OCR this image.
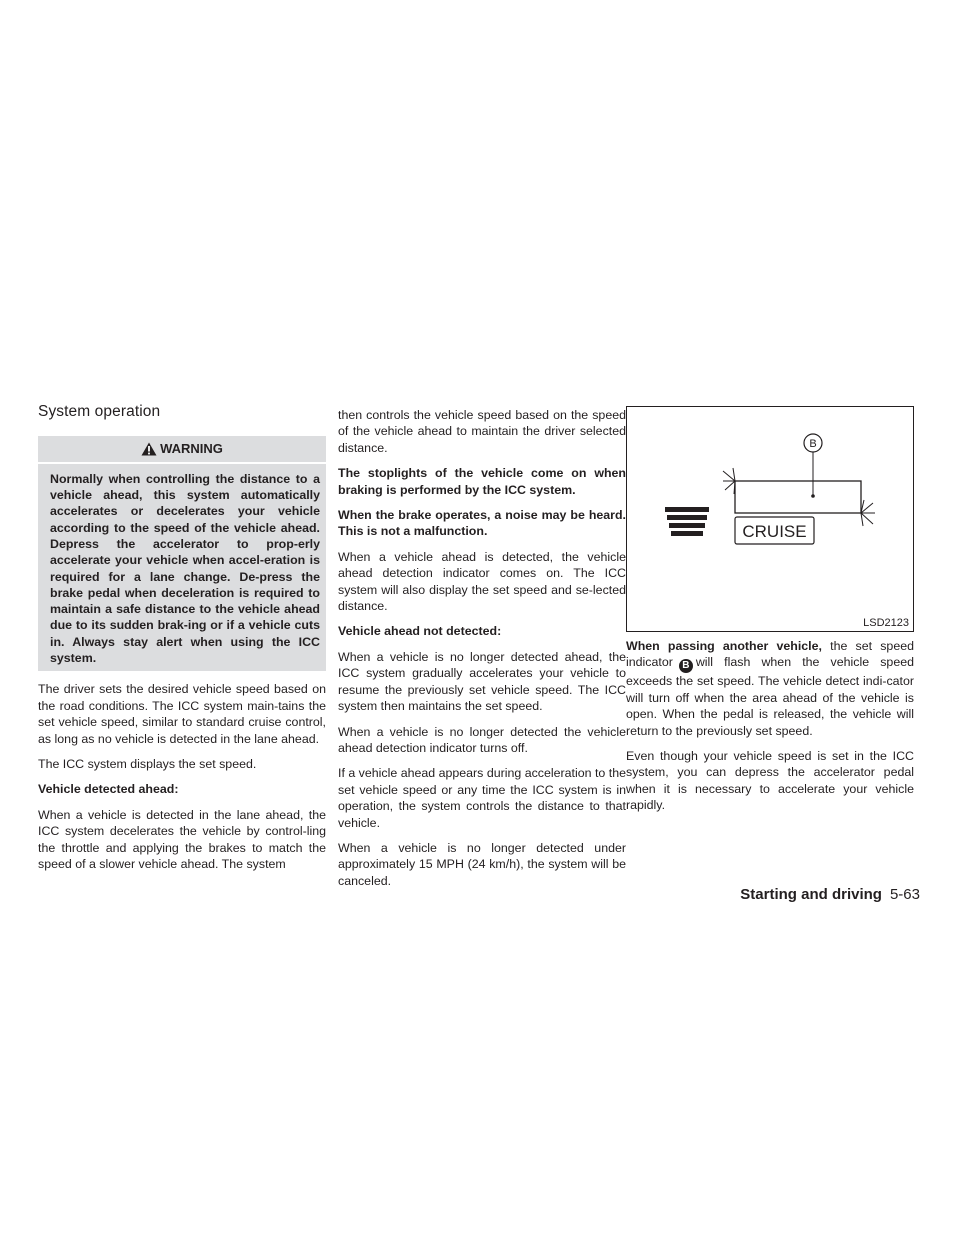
System operation
WARNING
Normally when controlling the distance to a vehicle ahead, this system automatically accelerates or decelerates your vehicle according to the speed of the vehicle ahead. Depress the accelerator to prop-erly accelerate your vehicle when accel-eration is required for a lane change. De-press the brake pedal when deceleration is required to maintain a safe distance to the vehicle ahead due to its sudden brak-ing or if a vehicle cuts in. Always stay alert when using the ICC system.

The driver sets the desired vehicle speed based on the road conditions. The ICC system main-tains the set vehicle speed, similar to standard cruise control, as long as no vehicle is detected in the lane ahead.

The ICC system displays the set speed.

Vehicle detected ahead:

When a vehicle is detected in the lane ahead, the ICC system decelerates the vehicle by control-ling the throttle and applying the brakes to match the speed of a slower vehicle ahead. The system

then controls the vehicle speed based on the speed of the vehicle ahead to maintain the driver selected distance.

The stoplights of the vehicle come on when braking is performed by the ICC system.

When the brake operates, a noise may be heard. This is not a malfunction.

When a vehicle ahead is detected, the vehicle ahead detection indicator comes on. The ICC system will also display the set speed and se-lected distance.

Vehicle ahead not detected:

When a vehicle is no longer detected ahead, the ICC system gradually accelerates your vehicle to resume the previously set vehicle speed. The ICC system then maintains the set speed.

When a vehicle is no longer detected the vehicle ahead detection indicator turns off.

If a vehicle ahead appears during acceleration to the set vehicle speed or any time the ICC system is in operation, the system controls the distance to that vehicle.

When a vehicle is no longer detected under approximately 15 MPH (24 km/h), the system will be canceled.

B
CRUISE
LSD2123

When passing another vehicle, the set speed indicator B will flash when the vehicle speed exceeds the set speed. The vehicle detect indi-cator will turn off when the area ahead of the vehicle is open. When the pedal is released, the vehicle will return to the previously set speed.

Even though your vehicle speed is set in the ICC system, you can depress the accelerator pedal when it is necessary to accelerate your vehicle rapidly.

Starting and driving 5-63
